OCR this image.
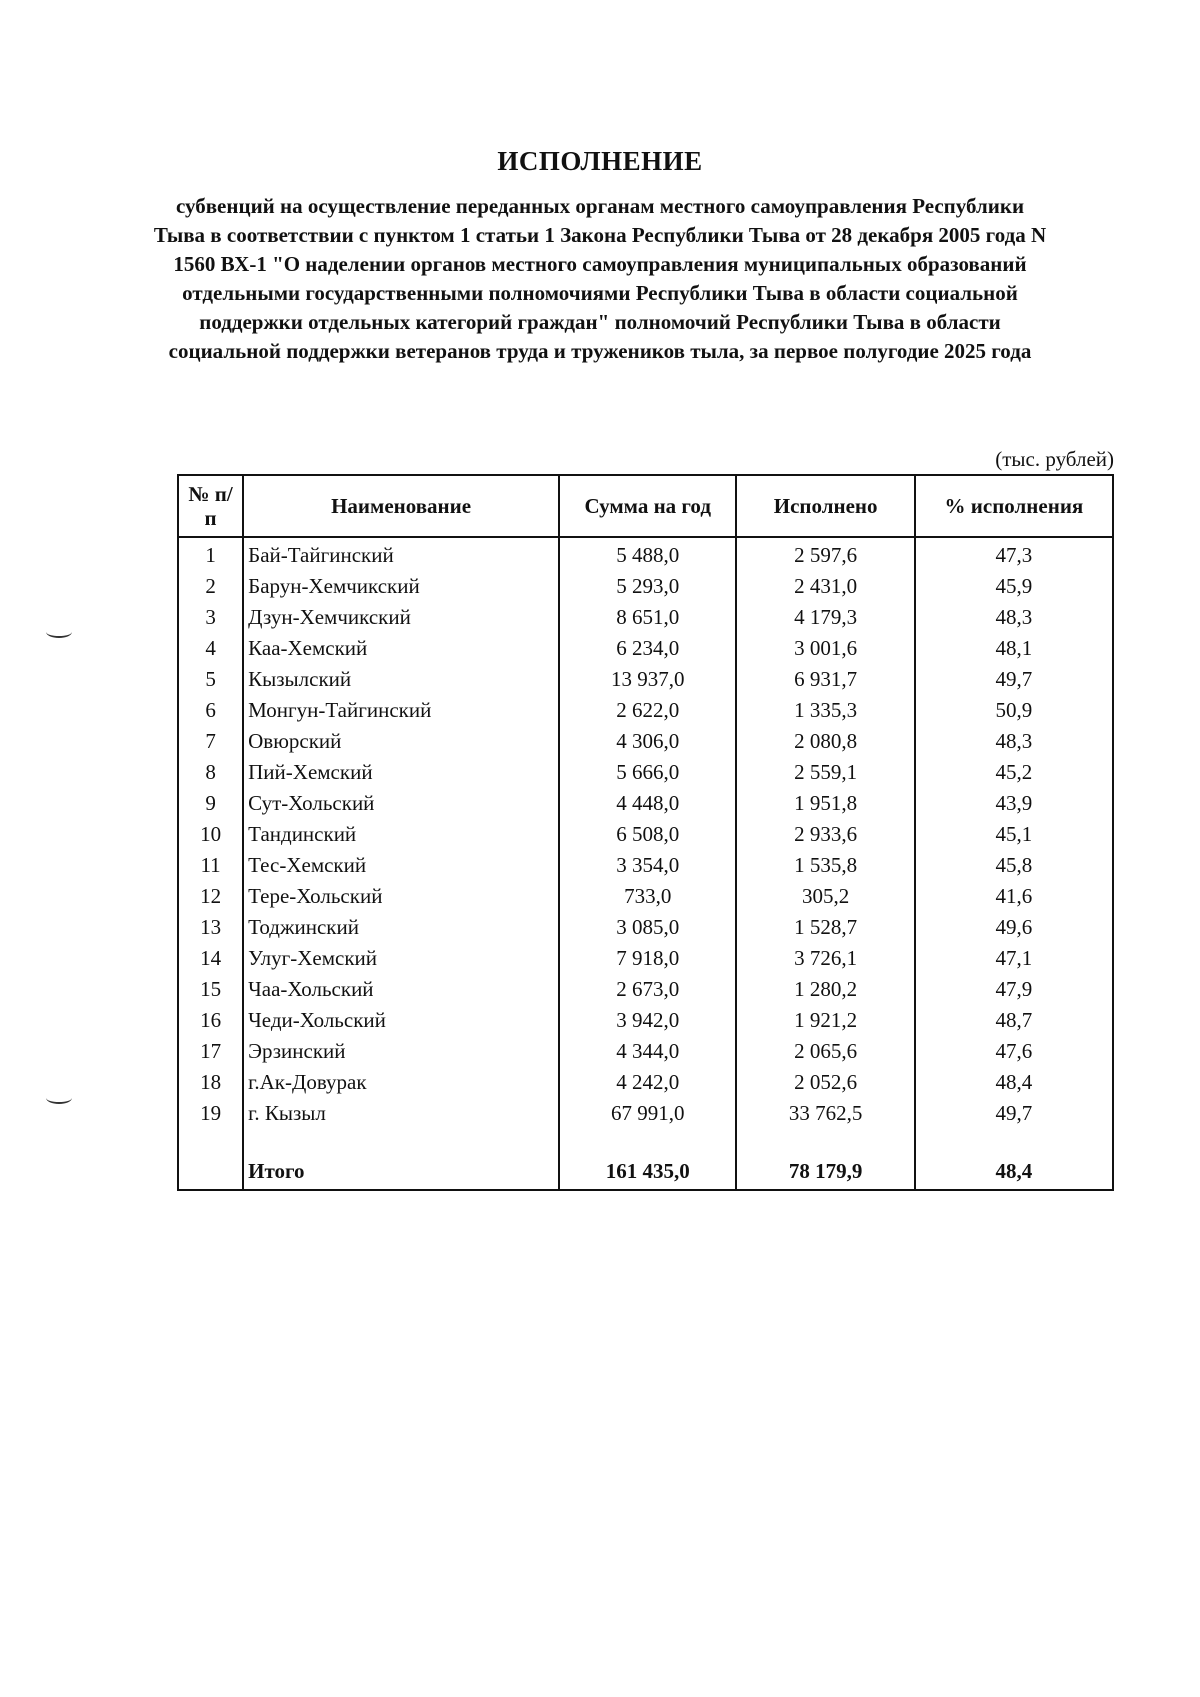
ИСПОЛНЕНИЕ
субвенций на осуществление переданных органам местного самоуправления Республики Тыва в соответствии с пунктом 1 статьи 1 Закона Республики Тыва от 28 декабря 2005 года N 1560 ВХ-1 "О наделении органов местного самоуправления муниципальных образований отдельными государственными полномочиями Республики Тыва в области социальной поддержки отдельных категорий граждан" полномочий Республики Тыва в области социальной поддержки ветеранов труда и тружеников тыла, за первое полугодие 2025 года
(тыс. рублей)
№ п/п	Наименование	Сумма на год	Исполнено	% исполнения
1	Бай-Тайгинский	5 488,0	2 597,6	47,3
2	Барун-Хемчикский	5 293,0	2 431,0	45,9
3	Дзун-Хемчикский	8 651,0	4 179,3	48,3
4	Каа-Хемский	6 234,0	3 001,6	48,1
5	Кызылский	13 937,0	6 931,7	49,7
6	Монгун-Тайгинский	2 622,0	1 335,3	50,9
7	Овюрский	4 306,0	2 080,8	48,3
8	Пий-Хемский	5 666,0	2 559,1	45,2
9	Сут-Хольский	4 448,0	1 951,8	43,9
10	Тандинский	6 508,0	2 933,6	45,1
11	Тес-Хемский	3 354,0	1 535,8	45,8
12	Тере-Хольский	733,0	305,2	41,6
13	Тоджинский	3 085,0	1 528,7	49,6
14	Улуг-Хемский	7 918,0	3 726,1	47,1
15	Чаа-Хольский	2 673,0	1 280,2	47,9
16	Чеди-Хольский	3 942,0	1 921,2	48,7
17	Эрзинский	4 344,0	2 065,6	47,6
18	г.Ак-Довурак	4 242,0	2 052,6	48,4
19	г. Кызыл	67 991,0	33 762,5	49,7

	Итого	161 435,0	78 179,9	48,4
